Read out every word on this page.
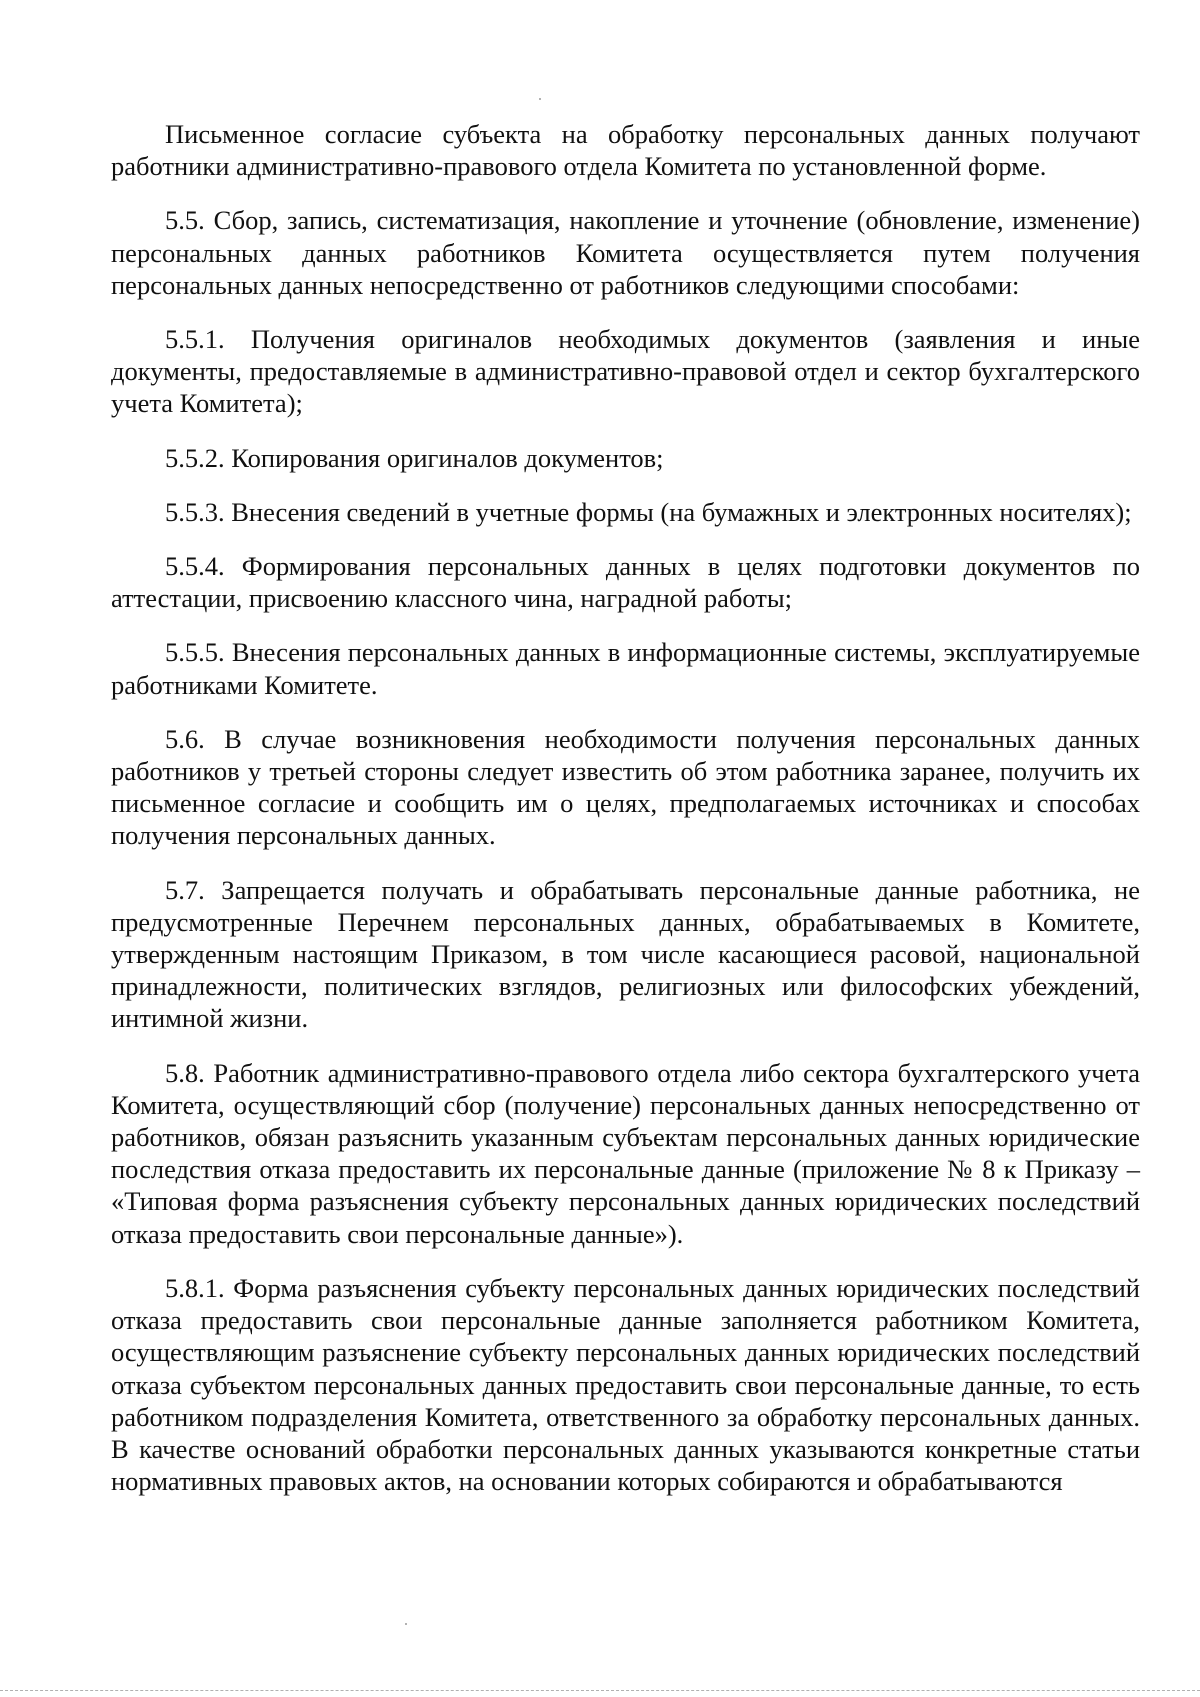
Письменное согласие субъекта на обработку персональных данных получают работники административно-правового отдела Комитета по установленной форме.

5.5. Сбор, запись, систематизация, накопление и уточнение (обновление, изменение) персональных данных работников Комитета осуществляется путем получения персональных данных непосредственно от работников следующими способами:

5.5.1. Получения оригиналов необходимых документов (заявления и иные документы, предоставляемые в административно-правовой отдел и сектор бухгалтерского учета Комитета);

5.5.2. Копирования оригиналов документов;

5.5.3. Внесения сведений в учетные формы (на бумажных и электронных носителях);

5.5.4. Формирования персональных данных в целях подготовки документов по аттестации, присвоению классного чина, наградной работы;

5.5.5. Внесения персональных данных в информационные системы, эксплуатируемые работниками Комитете.

5.6. В случае возникновения необходимости получения персональных данных работников у третьей стороны следует известить об этом работника заранее, получить их письменное согласие и сообщить им о целях, предполагаемых источниках и способах получения персональных данных.

5.7. Запрещается получать и обрабатывать персональные данные работника, не предусмотренные Перечнем персональных данных, обрабатываемых в Комитете, утвержденным настоящим Приказом, в том числе касающиеся расовой, национальной принадлежности, политических взглядов, религиозных или философских убеждений, интимной жизни.

5.8. Работник административно-правового отдела либо сектора бухгалтерского учета Комитета, осуществляющий сбор (получение) персональных данных непосредственно от работников, обязан разъяснить указанным субъектам персональных данных юридические последствия отказа предоставить их персональные данные (приложение № 8 к Приказу – «Типовая форма разъяснения субъекту персональных данных юридических последствий отказа предоставить свои персональные данные»).

5.8.1. Форма разъяснения субъекту персональных данных юридических последствий отказа предоставить свои персональные данные заполняется работником Комитета, осуществляющим разъяснение субъекту персональных данных юридических последствий отказа субъектом персональных данных предоставить свои персональные данные, то есть работником подразделения Комитета, ответственного за обработку персональных данных. В качестве оснований обработки персональных данных указываются конкретные статьи нормативных правовых актов, на основании которых собираются и обрабатываются
